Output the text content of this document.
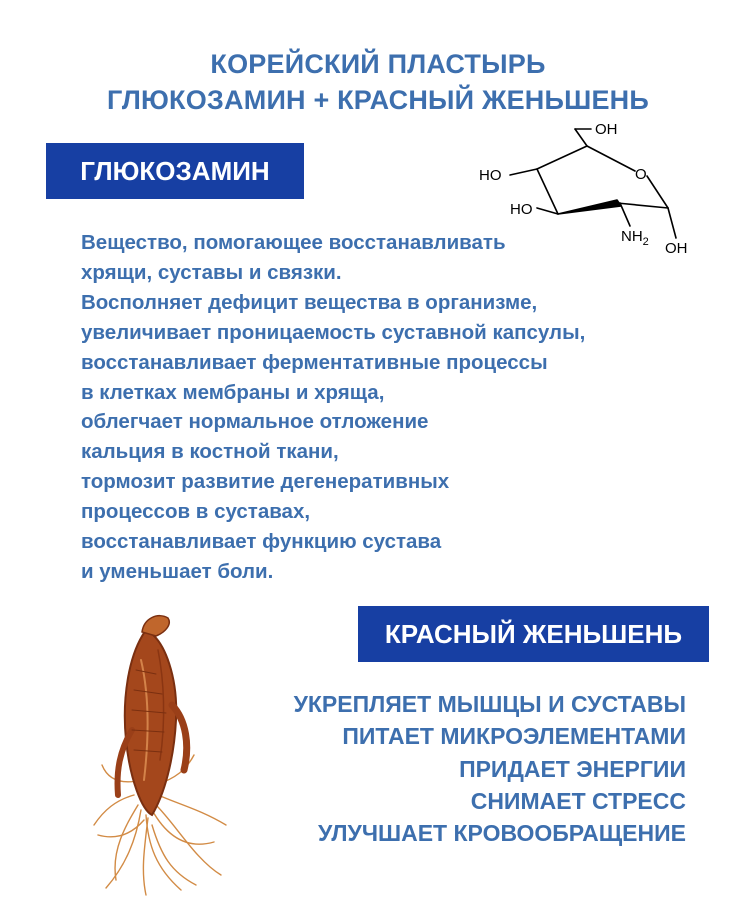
КОРЕЙСКИЙ ПЛАСТЫРЬ
ГЛЮКОЗАМИН + КРАСНЫЙ ЖЕНЬШЕНЬ
ГЛЮКОЗАМИН
OH
HO	O
HO
$NH_2$ OH
Вещество, помогающее восстанавливать
хрящи, суставы и связки.
Восполняет дефицит вещества в организме,
увеличивает проницаемость суставной капсулы,
восстанавливает ферментативные процессы
в клетках мембраны и хряща,
облегчает нормальное отложение
кальция в костной ткани,
тормозит развитие дегенеративных
процессов в суставах,
восстанавливает функцию сустава
и уменьшает боли.
КРАСНЫЙ ЖЕНЬШЕНЬ
УКРЕПЛЯЕТ МЫШЦЫ И СУСТАВЫ
ПИТАЕТ МИКРОЭЛЕМЕНТАМИ
ПРИДАЕТ ЭНЕРГИИ
СНИМАЕТ СТРЕСС
УЛУЧШАЕТ КРОВООБРАЩЕНИЕ
